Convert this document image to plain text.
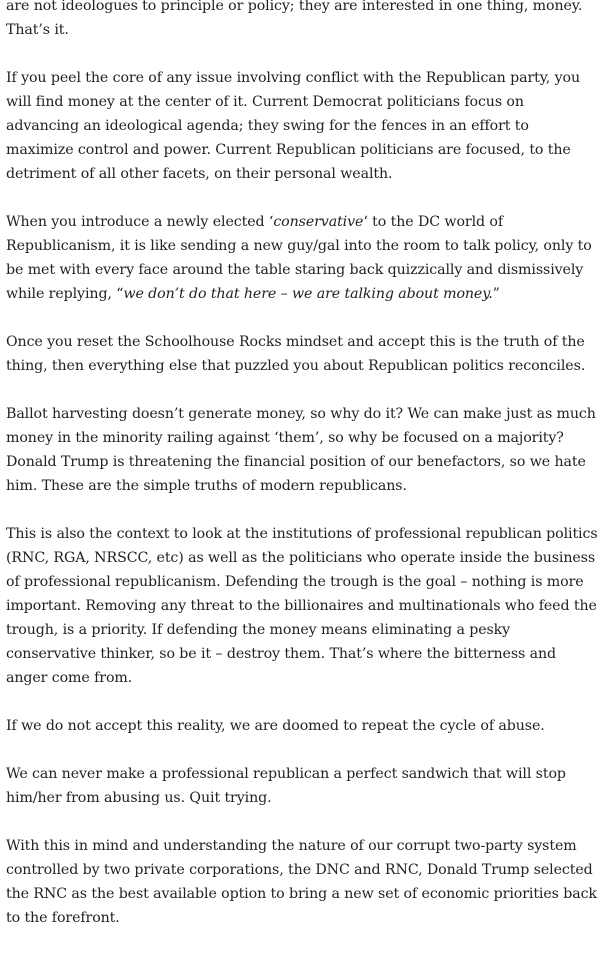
are not ideologues to principle or policy; they are interested in one thing, money. That’s it.

If you peel the core of any issue involving conflict with the Republican party, you will find money at the center of it. Current Democrat politicians focus on advancing an ideological agenda; they swing for the fences in an effort to maximize control and power. Current Republican politicians are focused, to the detriment of all other facets, on their personal wealth.

When you introduce a newly elected ‘conservative‘ to the DC world of Republicanism, it is like sending a new guy/gal into the room to talk policy, only to be met with every face around the table staring back quizzically and dismissively while replying, “we don’t do that here – we are talking about money.”

Once you reset the Schoolhouse Rocks mindset and accept this is the truth of the thing, then everything else that puzzled you about Republican politics reconciles.

Ballot harvesting doesn’t generate money, so why do it? We can make just as much money in the minority railing against ‘them’, so why be focused on a majority? Donald Trump is threatening the financial position of our benefactors, so we hate him. These are the simple truths of modern republicans.

This is also the context to look at the institutions of professional republican politics (RNC, RGA, NRSCC, etc) as well as the politicians who operate inside the business of professional republicanism. Defending the trough is the goal – nothing is more important. Removing any threat to the billionaires and multinationals who feed the trough, is a priority. If defending the money means eliminating a pesky conservative thinker, so be it – destroy them. That’s where the bitterness and anger come from.

If we do not accept this reality, we are doomed to repeat the cycle of abuse.

We can never make a professional republican a perfect sandwich that will stop him/her from abusing us. Quit trying.

With this in mind and understanding the nature of our corrupt two-party system controlled by two private corporations, the DNC and RNC, Donald Trump selected the RNC as the best available option to bring a new set of economic priorities back to the forefront.
